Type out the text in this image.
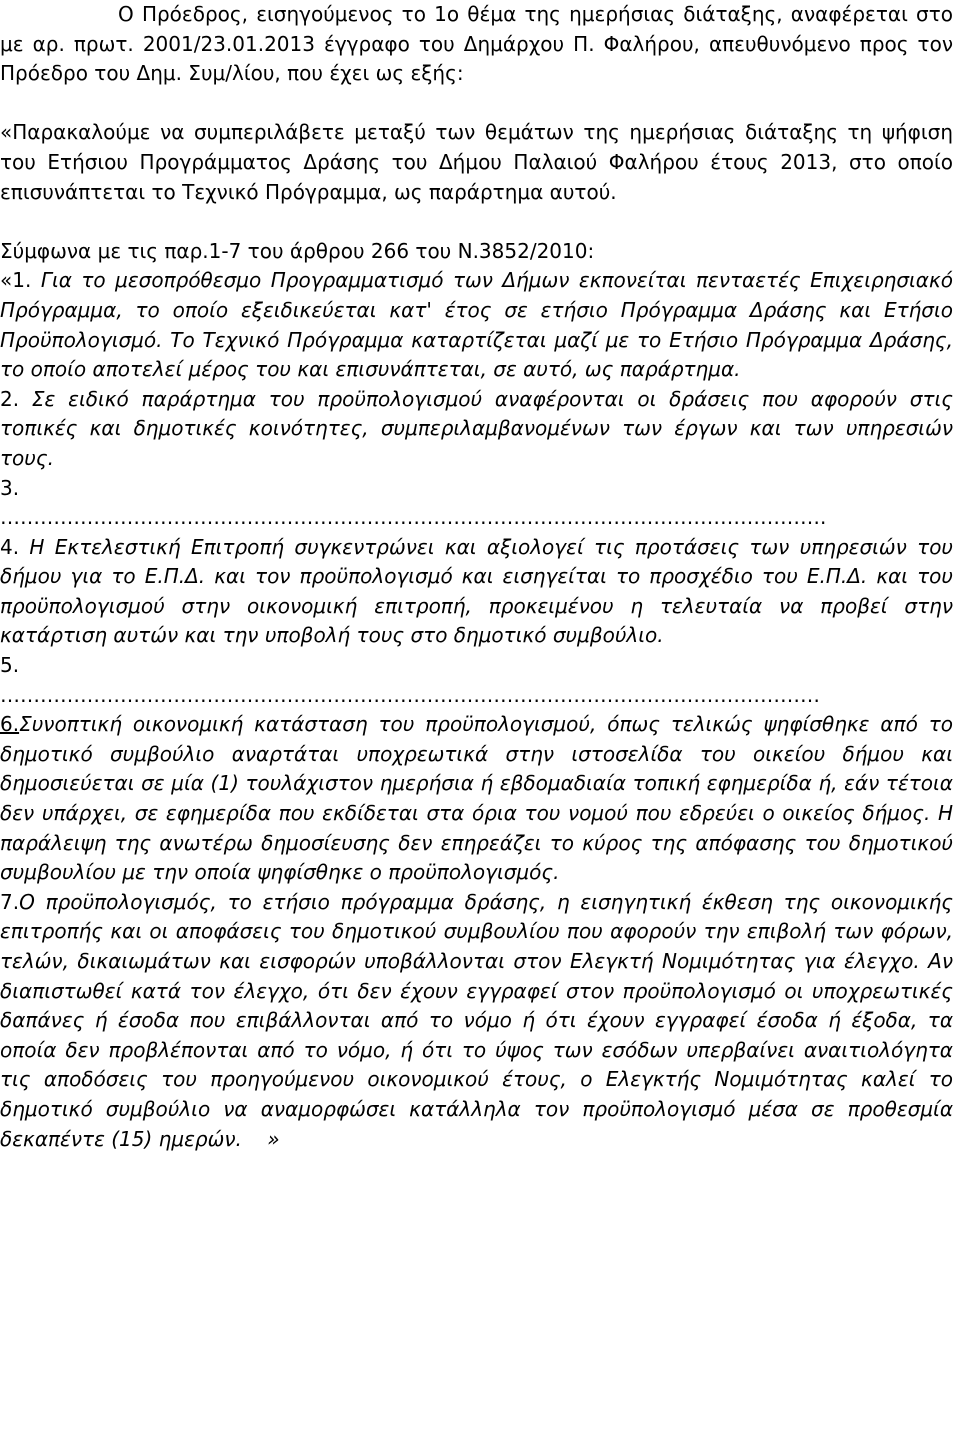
Ο Πρόεδρος, εισηγούμενος το 1ο θέμα της ημερήσιας διάταξης, αναφέρεται στο με αρ. πρωτ. 2001/23.01.2013 έγγραφο του Δημάρχου Π. Φαλήρου, απευθυνόμενο προς τον Πρόεδρο του Δημ. Συμ/λίου, που έχει ως εξής:

«Παρακαλούμε να συμπεριλάβετε μεταξύ των θεμάτων της ημερήσιας διάταξης τη ψήφιση του Ετήσιου Προγράμματος Δράσης του Δήμου Παλαιού Φαλήρου έτους 2013, στο οποίο επισυνάπτεται το Τεχνικό Πρόγραμμα, ως παράρτημα αυτού.

Σύμφωνα με τις παρ.1-7 του άρθρου 266 του Ν.3852/2010:

«1. Για το μεσοπρόθεσμο Προγραμματισμό των Δήμων εκπονείται πενταετές Επιχειρησιακό Πρόγραμμα, το οποίο εξειδικεύεται κατ' έτος σε ετήσιο Πρόγραμμα Δράσης και Ετήσιο Προϋπολογισμό. Το Τεχνικό Πρόγραμμα καταρτίζεται μαζί με το Ετήσιο Πρόγραμμα Δράσης, το οποίο αποτελεί μέρος του και επισυνάπτεται, σε αυτό, ως παράρτημα.

2. Σε ειδικό παράρτημα του προϋπολογισμού αναφέρονται οι δράσεις που αφορούν στις τοπικές και δημοτικές κοινότητες, συμπεριλαμβανομένων των έργων και των υπηρεσιών τους.

3.

…………………………………………………………………………………………………………….

4. Η Εκτελεστική Επιτροπή συγκεντρώνει και αξιολογεί τις προτάσεις των υπηρεσιών του δήμου για το Ε.Π.Δ. και τον προϋπολογισμό και εισηγείται το προσχέδιο του Ε.Π.Δ. και του προϋπολογισμού στην οικονομική επιτροπή, προκειμένου η τελευταία να προβεί στην κατάρτιση αυτών και την υποβολή τους στο δημοτικό συμβούλιο.

5.

……………………………………………………………………………………………………………

6.Συνοπτική οικονομική κατάσταση του προϋπολογισμού, όπως τελικώς ψηφίσθηκε από το δημοτικό συμβούλιο αναρτάται υποχρεωτικά στην ιστοσελίδα του οικείου δήμου και δημοσιεύεται σε μία (1) τουλάχιστον ημερήσια ή εβδομαδιαία τοπική εφημερίδα ή, εάν τέτοια δεν υπάρχει, σε εφημερίδα που εκδίδεται στα όρια του νομού που εδρεύει ο οικείος δήμος. Η παράλειψη της ανωτέρω δημοσίευσης δεν επηρεάζει το κύρος της απόφασης του δημοτικού συμβουλίου με την οποία ψηφίσθηκε ο προϋπολογισμός.

7.Ο προϋπολογισμός, το ετήσιο πρόγραμμα δράσης, η εισηγητική έκθεση της οικονομικής επιτροπής και οι αποφάσεις του δημοτικού συμβουλίου που αφορούν την επιβολή των φόρων, τελών, δικαιωμάτων και εισφορών υποβάλλονται στον Ελεγκτή Νομιμότητας για έλεγχο. Αν διαπιστωθεί κατά τον έλεγχο, ότι δεν έχουν εγγραφεί στον προϋπολογισμό οι υποχρεωτικές δαπάνες ή έσοδα που επιβάλλονται από το νόμο ή ότι έχουν εγγραφεί έσοδα ή έξοδα, τα οποία δεν προβλέπονται από το νόμο, ή ότι το ύψος των εσόδων υπερβαίνει αναιτιολόγητα τις αποδόσεις του προηγούμενου οικονομικού έτους, ο Ελεγκτής Νομιμότητας καλεί το δημοτικό συμβούλιο να αναμορφώσει κατάλληλα τον προϋπολογισμό μέσα σε προθεσμία δεκαπέντε (15) ημερών. »
